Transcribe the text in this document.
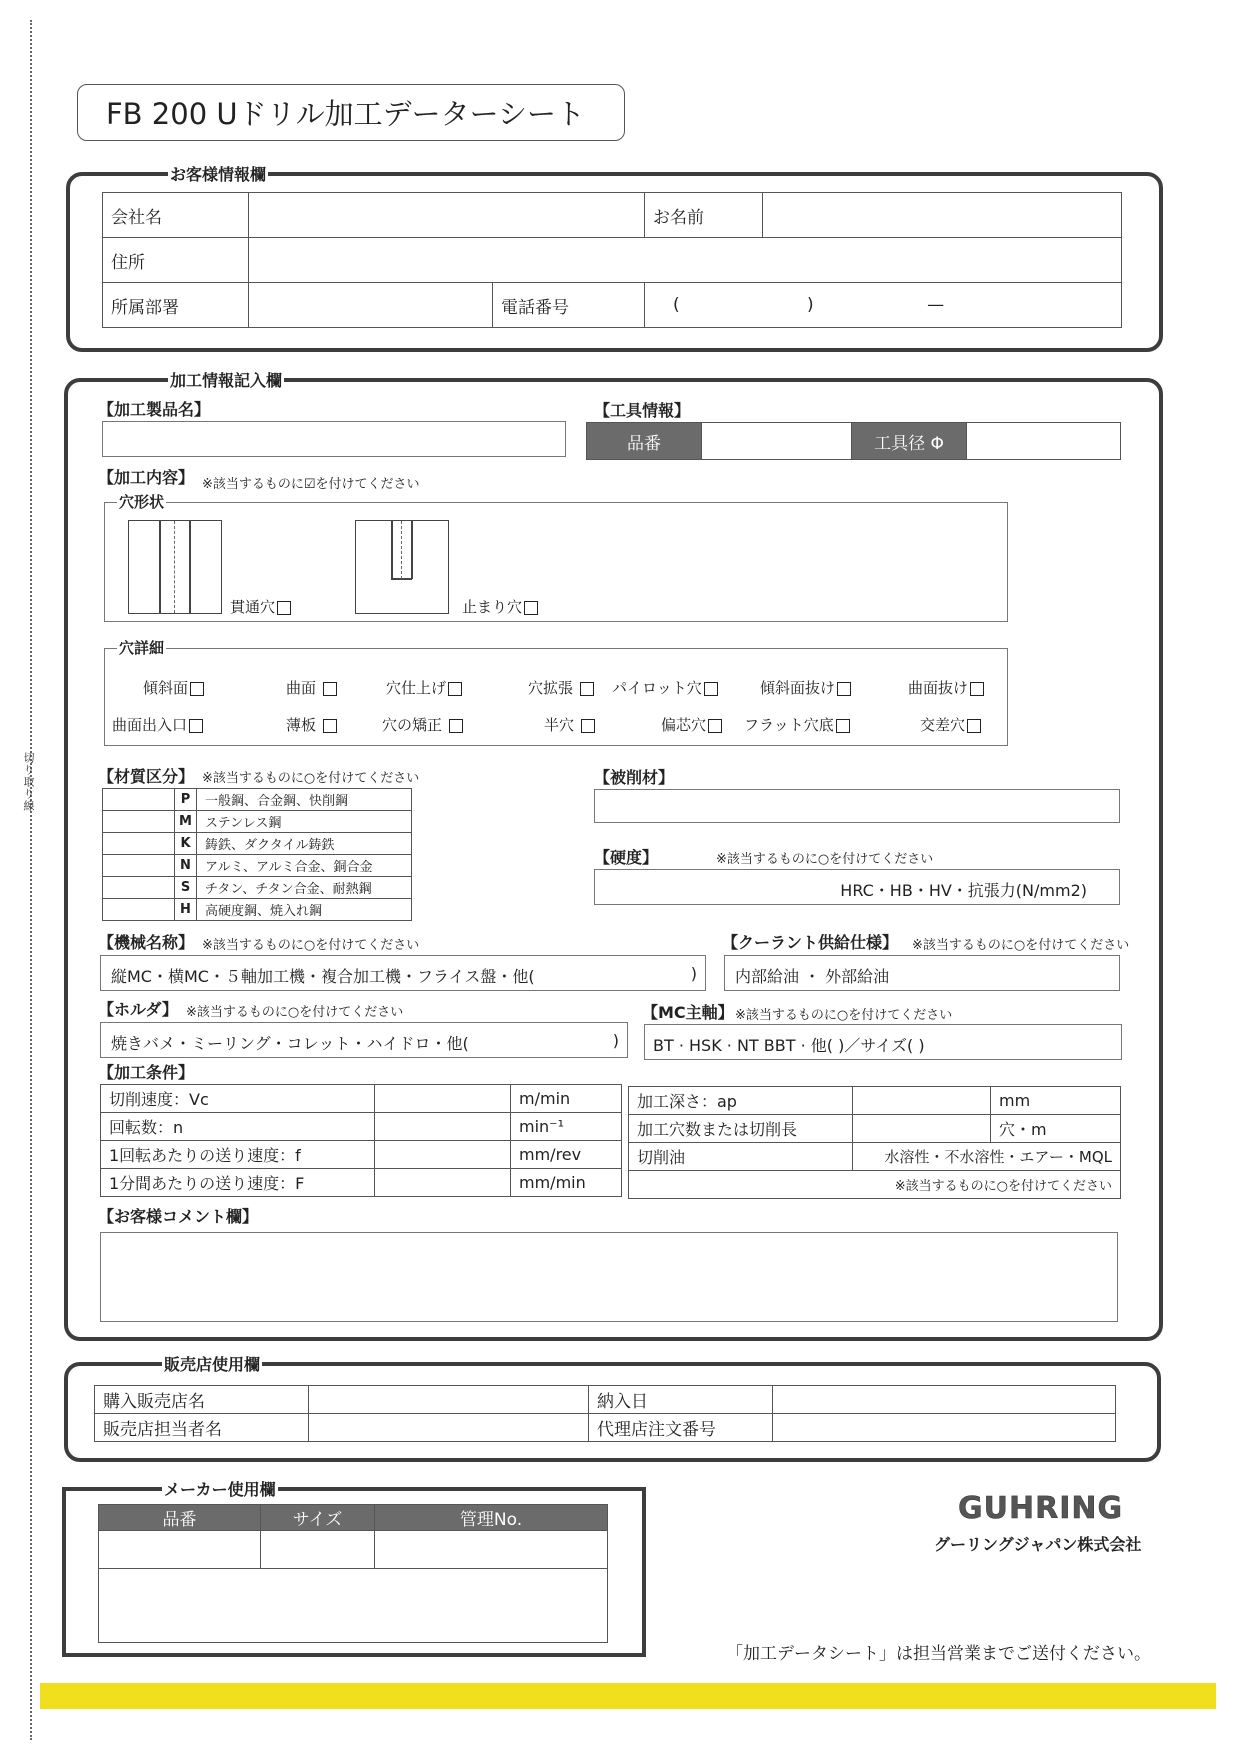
切り取り線
FB 200 Uドリル加工データーシート
お客様情報欄
会社名		お名前	
住所			
所属部署		電話番号	(	)	—
加工情報記入欄
【加工製品名】	【工具情報】
品番		工具径 Φ	
【加工内容】 ※該当するものに☑を付けてください
穴形状
貫通穴	止まり穴
穴詳細
傾斜面	曲面	穴仕上げ	穴拡張	パイロット穴	傾斜面抜け	曲面抜け
曲面出入口	薄板	穴の矯正	半穴	偏芯穴	フラット穴底	交差穴
【材質区分】 ※該当するものに○を付けてください
	P	一般鋼、合金鋼、快削鋼
	M	ステンレス鋼
	K	鋳鉄、ダクタイル鋳鉄
	N	アルミ、アルミ合金、銅合金
	S	チタン、チタン合金、耐熱鋼
	H	高硬度鋼、焼入れ鋼
【被削材】
【硬度】	※該当するものに○を付けてください
HRC・HB・HV・抗張力(N/mm2)
【機械名称】 ※該当するものに○を付けてください
縦MC・横MC・５軸加工機・複合加工機・フライス盤・他(	)
【クーラント供給仕様】 ※該当するものに○を付けてください
内部給油 ・ 外部給油
【ホルダ】 ※該当するものに○を付けてください
焼きバメ・ミーリング・コレット・ハイドロ・他(	)
【MC主軸】 ※該当するものに○を付けてください
BT · HSK · NT BBT · 他( )／サイズ( )
【加工条件】
切削速度：Vc		m/min
回転数：n		min⁻¹
1回転あたりの送り速度：f		mm/rev
1分間あたりの送り速度：F		mm/min
加工深さ：ap		mm
加工穴数または切削長		穴・m
切削油	水溶性・不水溶性・エアー・MQL	
※該当するものに○を付けてください		
【お客様コメント欄】
販売店使用欄
購入販売店名		納入日	
販売店担当者名		代理店注文番号	
メーカー使用欄
品番	サイズ	管理No.
			GUHRING
グーリングジャパン株式会社
「加工データシート」は担当営業までご送付ください。
